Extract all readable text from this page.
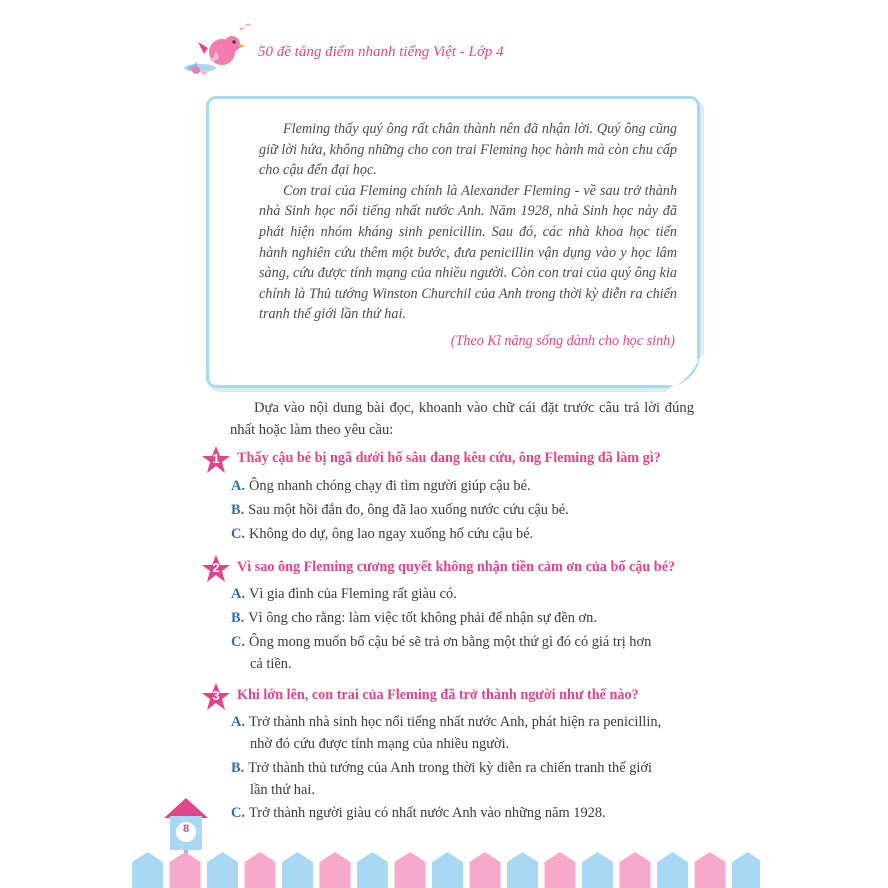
50 đề tăng điểm nhanh tiếng Việt - Lớp 4

Fleming thấy quý ông rất chân thành nên đã nhận lời. Quý ông cũng giữ lời hứa, không những cho con trai Fleming học hành mà còn chu cấp cho cậu đến đại học.

Con trai của Fleming chính là Alexander Fleming - về sau trở thành nhà Sinh học nổi tiếng nhất nước Anh. Năm 1928, nhà Sinh học này đã phát hiện nhóm kháng sinh penicillin. Sau đó, các nhà khoa học tiến hành nghiên cứu thêm một bước, đưa penicillin vận dụng vào y học lâm sàng, cứu được tính mạng của nhiều người. Còn con trai của quý ông kia chính là Thủ tướng Winston Churchil của Anh trong thời kỳ diễn ra chiến tranh thế giới lần thứ hai.

(Theo Kĩ năng sống dành cho học sinh)
Dựa vào nội dung bài đọc, khoanh vào chữ cái đặt trước câu trả lời đúng nhất hoặc làm theo yêu cầu:
1	Thấy cậu bé bị ngã dưới hố sâu đang kêu cứu, ông Fleming đã làm gì?
A. Ông nhanh chóng chạy đi tìm người giúp cậu bé.
B. Sau một hồi đắn đo, ông đã lao xuống nước cứu cậu bé.
C. Không do dự, ông lao ngay xuống hố cứu cậu bé.
2	Vì sao ông Fleming cương quyết không nhận tiền cảm ơn của bố cậu bé?
A. Vì gia đình của Fleming rất giàu có.
B. Vì ông cho rằng: làm việc tốt không phải để nhận sự đền ơn.
C. Ông mong muốn bố cậu bé sẽ trả ơn bằng một thứ gì đó có giá trị hơn
cả tiền.
3	Khi lớn lên, con trai của Fleming đã trở thành người như thế nào?
A. Trở thành nhà sinh học nổi tiếng nhất nước Anh, phát hiện ra penicillin,
nhờ đó cứu được tính mạng của nhiều người.
B. Trở thành thủ tướng của Anh trong thời kỳ diễn ra chiến tranh thế giới
lần thứ hai.
C. Trở thành người giàu có nhất nước Anh vào những năm 1928.
8
